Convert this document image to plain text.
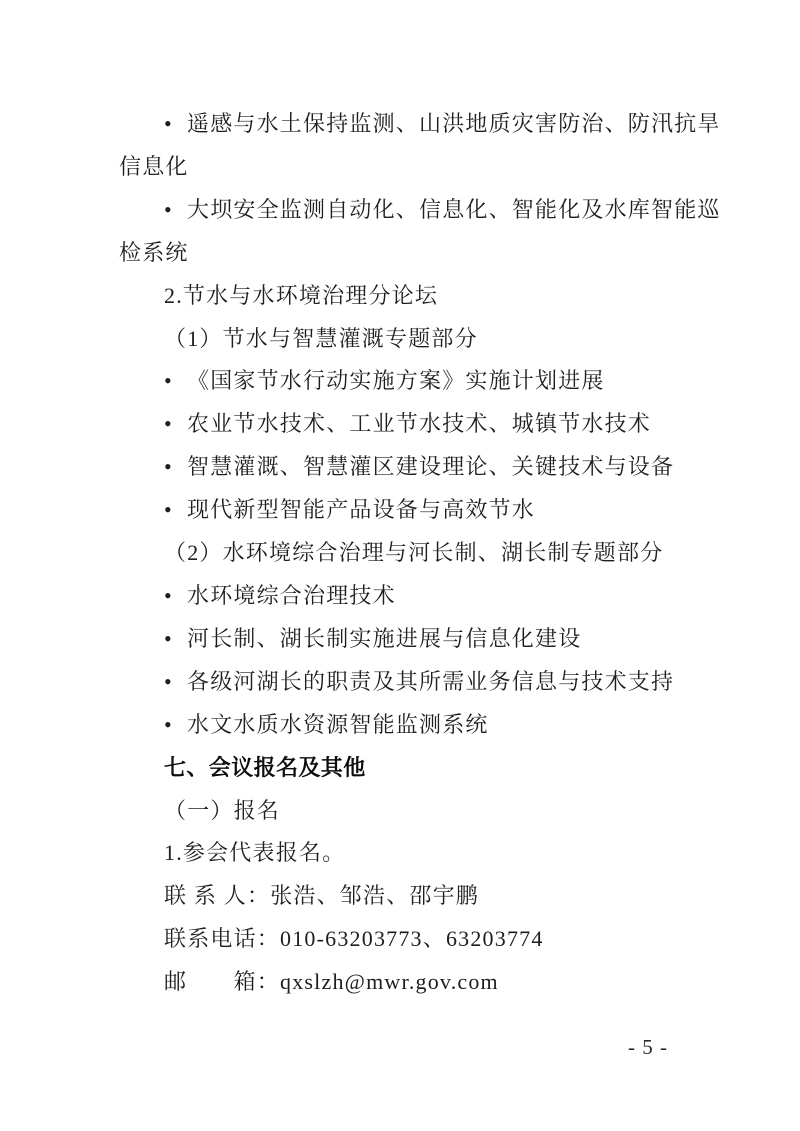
• 遥感与水土保持监测、山洪地质灾害防治、防汛抗旱
信息化
• 大坝安全监测自动化、信息化、智能化及水库智能巡
检系统
2.节水与水环境治理分论坛
（1）节水与智慧灌溉专题部分
• 《国家节水行动实施方案》实施计划进展
• 农业节水技术、工业节水技术、城镇节水技术
• 智慧灌溉、智慧灌区建设理论、关键技术与设备
• 现代新型智能产品设备与高效节水
（2）水环境综合治理与河长制、湖长制专题部分
• 水环境综合治理技术
• 河长制、湖长制实施进展与信息化建设
• 各级河湖长的职责及其所需业务信息与技术支持
• 水文水质水资源智能监测系统
七、会议报名及其他
（一）报名
1.参会代表报名。
联 系 人：张浩、邹浩、邵宇鹏
联系电话：010-63203773、63203774
邮　　箱：qxslzh@mwr.gov.com
- 5 -
